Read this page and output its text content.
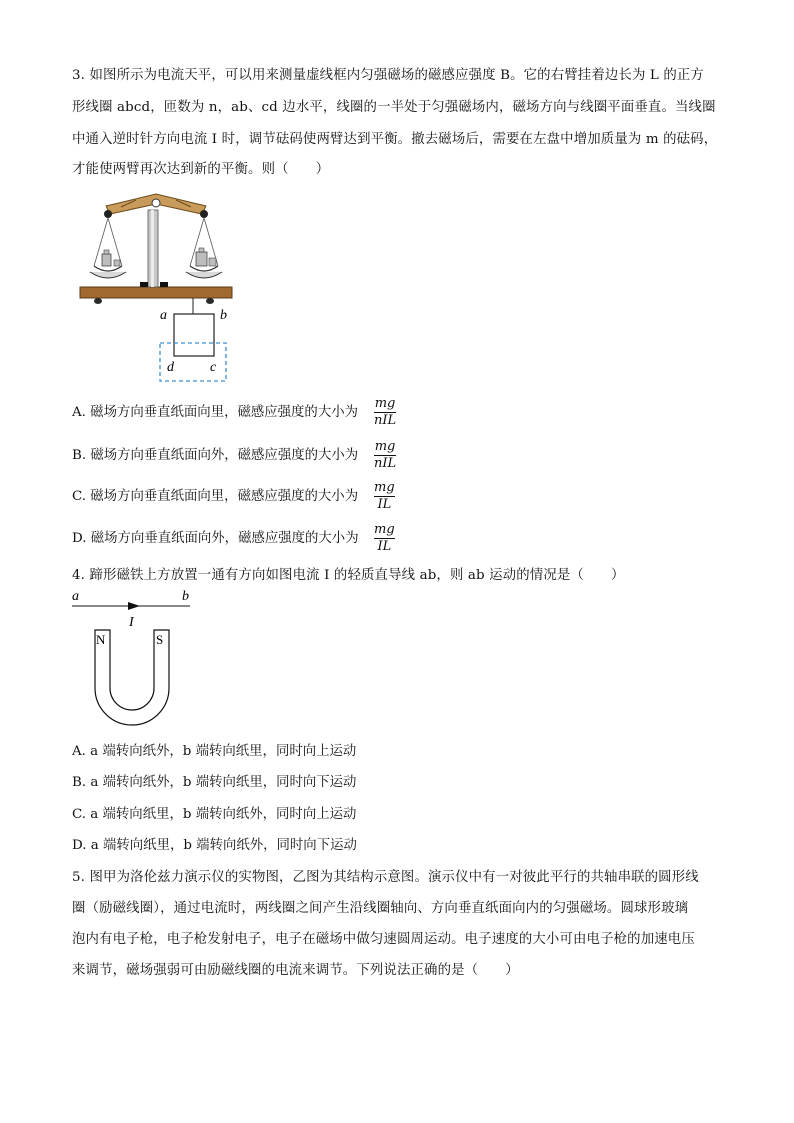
3. 如图所示为电流天平，可以用来测量虚线框内匀强磁场的磁感应强度 B。它的右臂挂着边长为 L 的正方
形线圈 abcd，匝数为 n，ab、cd 边水平，线圈的一半处于匀强磁场内，磁场方向与线圈平面垂直。当线圈
中通入逆时针方向电流 I 时，调节砝码使两臂达到平衡。撤去磁场后，需要在左盘中增加质量为 m 的砝码，
才能使两臂再次达到新的平衡。则（　　）
a	b
d	c
A. 磁场方向垂直纸面向里，磁感应强度的大小为
mg
nIL
B. 磁场方向垂直纸面向外，磁感应强度的大小为
mg
nIL
C. 磁场方向垂直纸面向里，磁感应强度的大小为
mg
IL
D. 磁场方向垂直纸面向外，磁感应强度的大小为
mg
IL
4. 蹄形磁铁上方放置一通有方向如图电流 I 的轻质直导线 ab，则 ab 运动的情况是（　　）
a	b
I
N	S
A. a 端转向纸外，b 端转向纸里，同时向上运动
B. a 端转向纸外，b 端转向纸里，同时向下运动
C. a 端转向纸里，b 端转向纸外，同时向上运动
D. a 端转向纸里，b 端转向纸外，同时向下运动
5. 图甲为洛伦兹力演示仪的实物图，乙图为其结构示意图。演示仪中有一对彼此平行的共轴串联的圆形线
圈（励磁线圈），通过电流时，两线圈之间产生沿线圈轴向、方向垂直纸面向内的匀强磁场。圆球形玻璃
泡内有电子枪，电子枪发射电子，电子在磁场中做匀速圆周运动。电子速度的大小可由电子枪的加速电压
来调节，磁场强弱可由励磁线圈的电流来调节。下列说法正确的是（　　）
